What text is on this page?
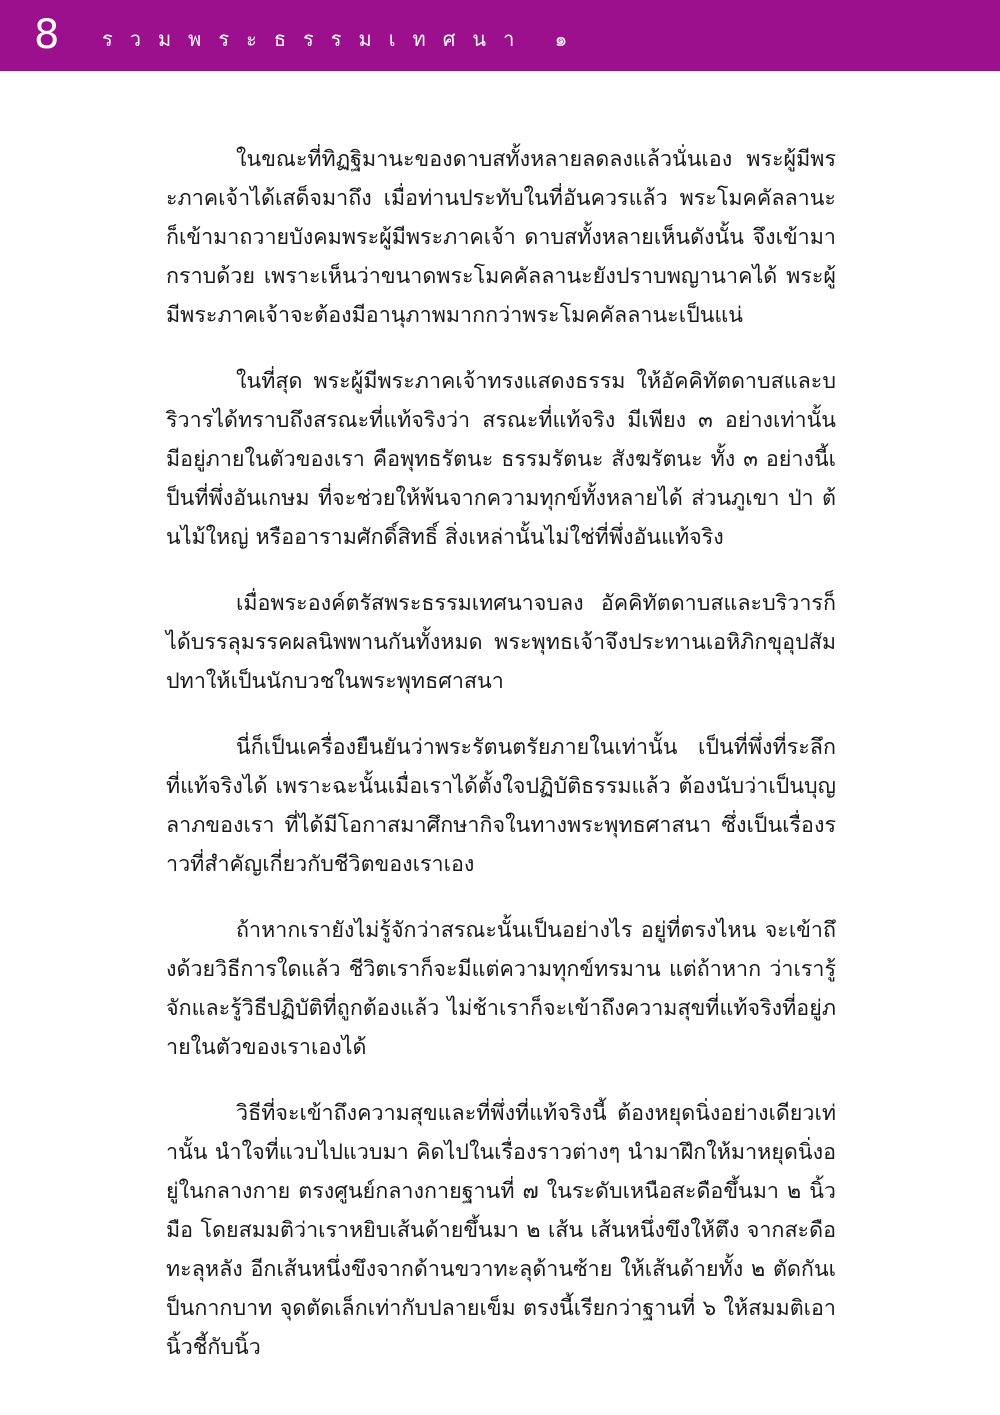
8 รวมพระธรรมเทศนา ๑

ในขณะที่ทิฏฐิมานะของดาบสทั้งหลายลดลงแล้วนั่นเอง พระผู้มีพระภาคเจ้าได้เสด็จมาถึง เมื่อท่านประทับในที่อันควรแล้ว พระโมคคัลลานะก็เข้ามาถวายบังคมพระผู้มีพระภาคเจ้า ดาบสทั้งหลายเห็นดังนั้น จึงเข้ามากราบด้วย เพราะเห็นว่าขนาดพระโมคคัลลานะยังปราบพญานาคได้ พระผู้มีพระภาคเจ้าจะต้องมีอานุภาพมากกว่าพระโมคคัลลานะเป็นแน่

ในที่สุด พระผู้มีพระภาคเจ้าทรงแสดงธรรม ให้อัคคิทัตดาบสและบริวารได้ทราบถึงสรณะที่แท้จริงว่า สรณะที่แท้จริง มีเพียง ๓ อย่างเท่านั้น มีอยู่ภายในตัวของเรา คือพุทธรัตนะ ธรรมรัตนะ สังฆรัตนะ ทั้ง ๓ อย่างนี้เป็นที่พึ่งอันเกษม ที่จะช่วยให้พ้นจากความทุกข์ทั้งหลายได้ ส่วนภูเขา ป่า ต้นไม้ใหญ่ หรืออารามศักดิ์สิทธิ์ สิ่งเหล่านั้นไม่ใช่ที่พึ่งอันแท้จริง

เมื่อพระองค์ตรัสพระธรรมเทศนาจบลง อัคคิทัตดาบสและบริวารก็ได้บรรลุมรรคผลนิพพานกันทั้งหมด พระพุทธเจ้าจึงประทานเอหิภิกขุอุปสัมปทาให้เป็นนักบวชในพระพุทธศาสนา

นี่ก็เป็นเครื่องยืนยันว่าพระรัตนตรัยภายในเท่านั้น เป็นที่พึ่งที่ระลึกที่แท้จริงได้ เพราะฉะนั้นเมื่อเราได้ตั้งใจปฏิบัติธรรมแล้ว ต้องนับว่าเป็นบุญลาภของเรา ที่ได้มีโอกาสมาศึกษากิจในทางพระพุทธศาสนา ซึ่งเป็นเรื่องราวที่สำคัญเกี่ยวกับชีวิตของเราเอง

ถ้าหากเรายังไม่รู้จักว่าสรณะนั้นเป็นอย่างไร อยู่ที่ตรงไหน จะเข้าถึงด้วยวิธีการใดแล้ว ชีวิตเราก็จะมีแต่ความทุกข์ทรมาน แต่ถ้าหาก ว่าเรารู้จักและรู้วิธีปฏิบัติที่ถูกต้องแล้ว ไม่ช้าเราก็จะเข้าถึงความสุขที่แท้จริงที่อยู่ภายในตัวของเราเองได้

วิธีที่จะเข้าถึงความสุขและที่พึ่งที่แท้จริงนี้ ต้องหยุดนิ่งอย่างเดียวเท่านั้น นำใจที่แวบไปแวบมา คิดไปในเรื่องราวต่างๆ นำมาฝึกให้มาหยุดนิ่งอยู่ในกลางกาย ตรงศูนย์กลางกายฐานที่ ๗ ในระดับเหนือสะดือขึ้นมา ๒ นิ้วมือ โดยสมมติว่าเราหยิบเส้นด้ายขึ้นมา ๒ เส้น เส้นหนึ่งขึงให้ตึง จากสะดือทะลุหลัง อีกเส้นหนึ่งขึงจากด้านขวาทะลุด้านซ้าย ให้เส้นด้ายทั้ง ๒ ตัดกันเป็นกากบาท จุดตัดเล็กเท่ากับปลายเข็ม ตรงนี้เรียกว่าฐานที่ ๖ ให้สมมติเอานิ้วชี้กับนิ้ว
